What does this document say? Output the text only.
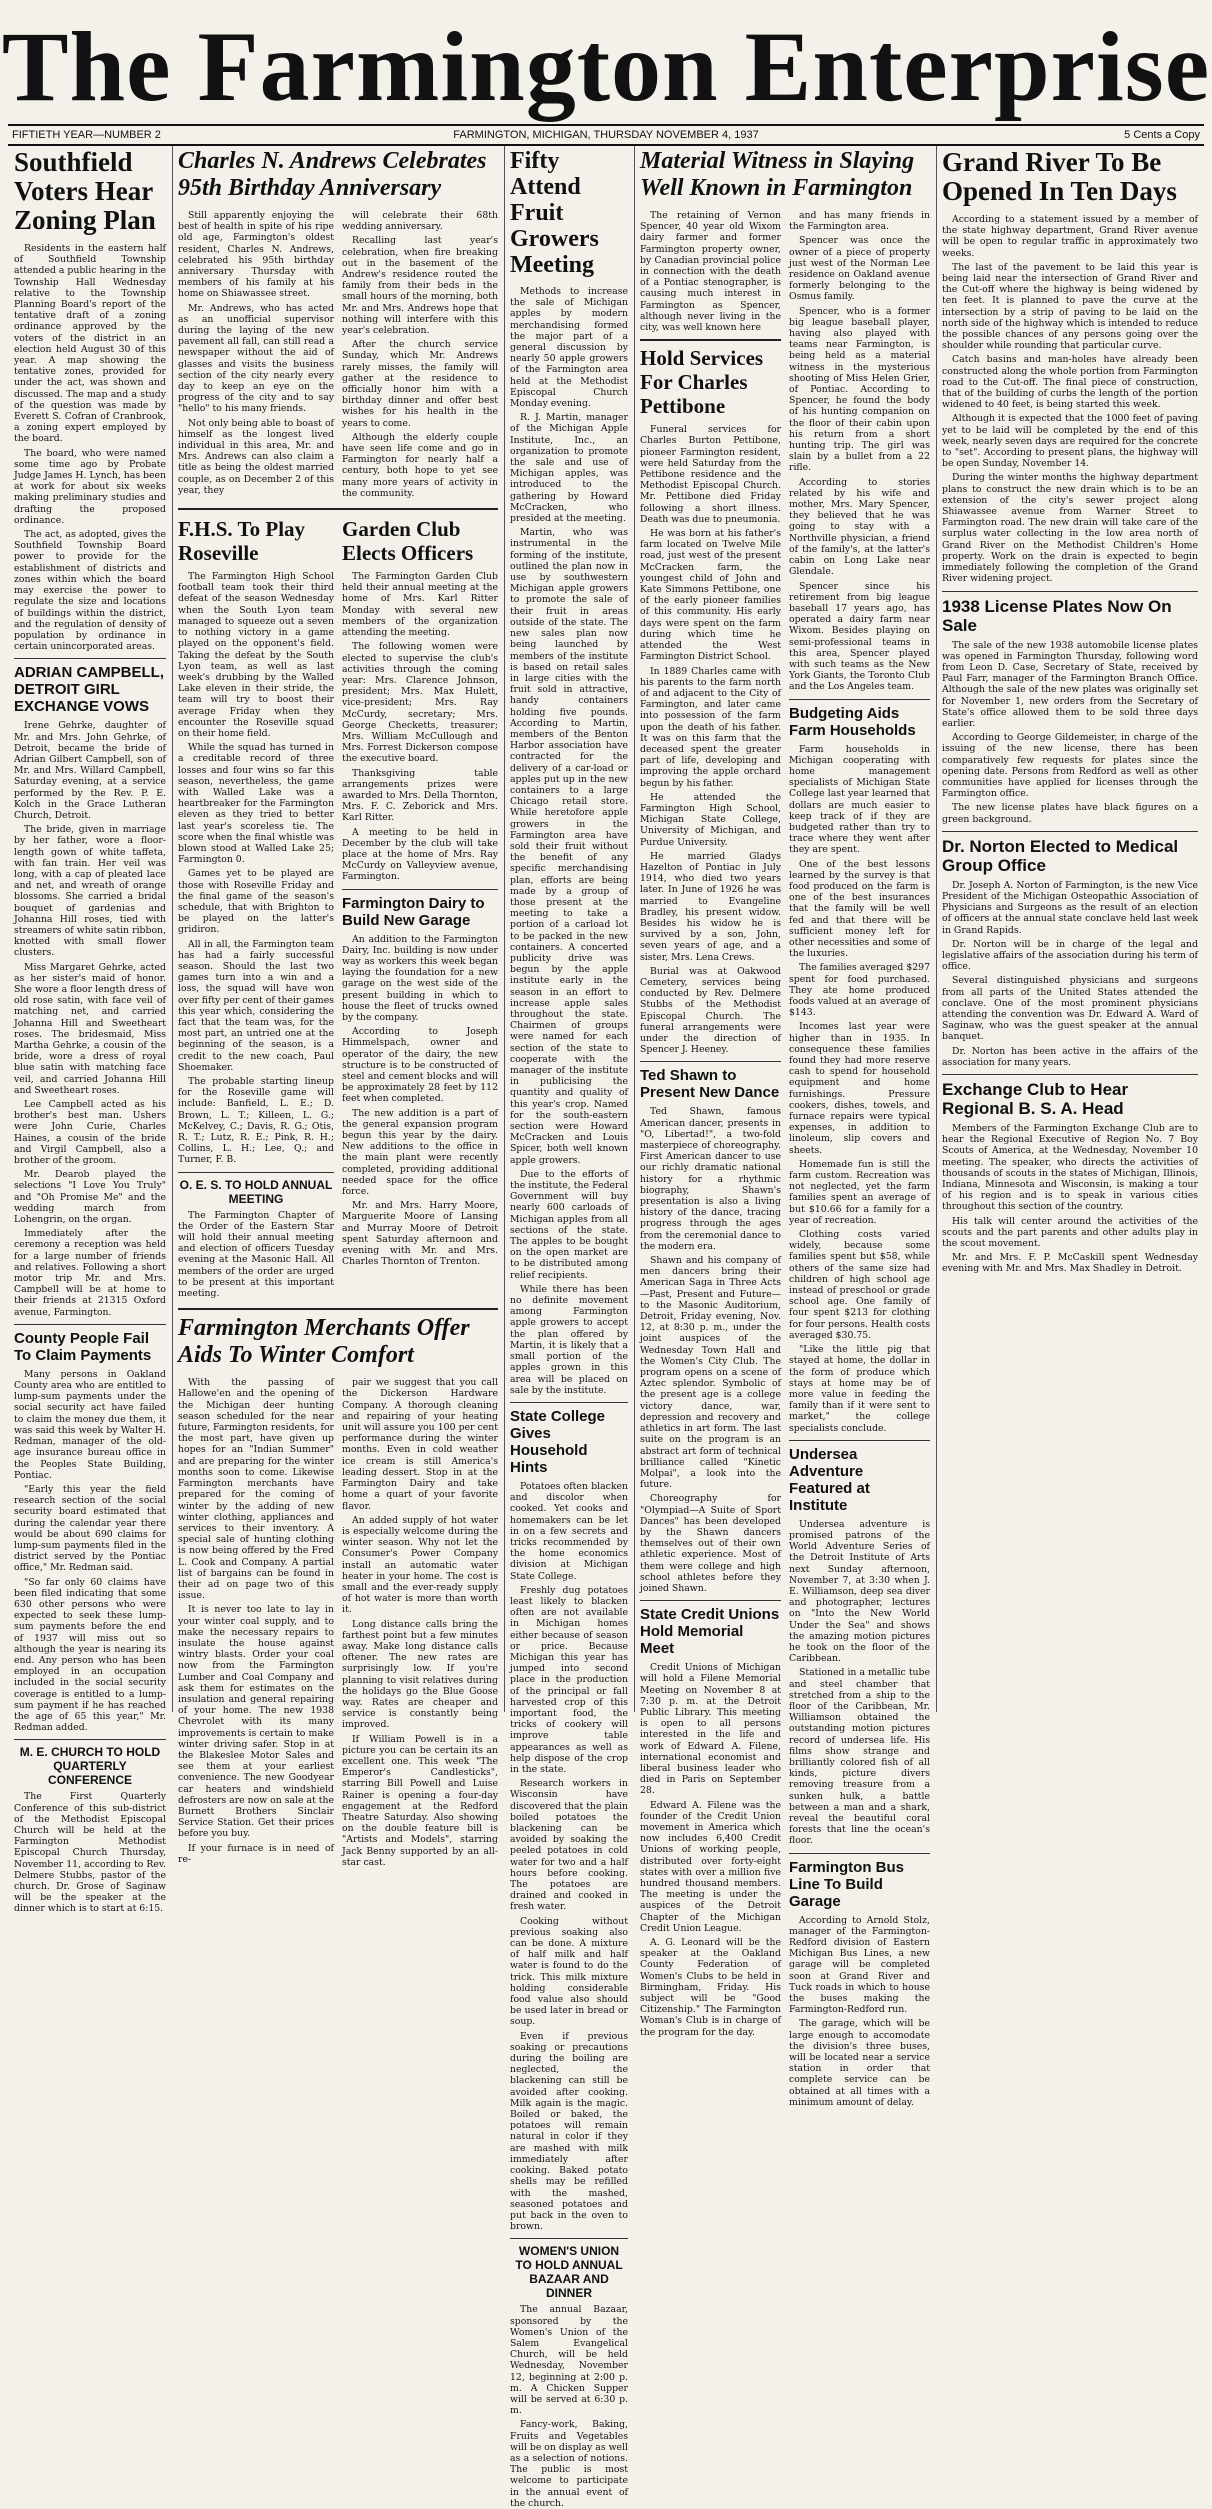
The Farmington Enterprise
FIFTIETH YEAR—NUMBER 2	FARMINGTON, MICHIGAN, THURSDAY NOVEMBER 4, 1937	5 Cents a Copy
Southfield Voters Hear Zoning Plan

Residents in the eastern half of Southfield Township attended a public hearing in the Township Hall Wednesday relative to the Township Planning Board's report of the tentative draft of a zoning ordinance approved by the voters of the district in an election held August 30 of this year. A map showing the tentative zones, provided for under the act, was shown and discussed. The map and a study of the question was made by Everett S. Cofran of Cranbrook, a zoning expert employed by the board.

The board, who were named some time ago by Probate Judge James H. Lynch, has been at work for about six weeks making preliminary studies and drafting the proposed ordinance.

The act, as adopted, gives the Southfield Township Board power to provide for the establishment of districts and zones within which the board may exercise the power to regulate the size and locations of buildings within the district, and the regulation of density of population by ordinance in certain unincorporated areas.

ADRIAN CAMPBELL, DETROIT GIRL EXCHANGE VOWS

Irene Gehrke, daughter of Mr. and Mrs. John Gehrke, of Detroit, became the bride of Adrian Gilbert Campbell, son of Mr. and Mrs. Willard Campbell, Saturday evening, at a service performed by the Rev. P. E. Kolch in the Grace Lutheran Church, Detroit.

The bride, given in marriage by her father, wore a floor-length gown of white taffeta, with fan train. Her veil was long, with a cap of pleated lace and net, and wreath of orange blossoms. She carried a bridal bouquet of gardenias and Johanna Hill roses, tied with streamers of white satin ribbon, knotted with small flower clusters.

Miss Margaret Gehrke, acted as her sister's maid of honor. She wore a floor length dress of old rose satin, with face veil of matching net, and carried Johanna Hill and Sweetheart roses. The bridesmaid, Miss Martha Gehrke, a cousin of the bride, wore a dress of royal blue satin with matching face veil, and carried Johanna Hill and Sweetheart roses.

Lee Campbell acted as his brother's best man. Ushers were John Curie, Charles Haines, a cousin of the bride and Virgil Campbell, also a brother of the groom.

Mr. Dearob played the selections "I Love You Truly" and "Oh Promise Me" and the wedding march from Lohengrin, on the organ.

Immediately after the ceremony a reception was held for a large number of friends and relatives. Following a short motor trip Mr. and Mrs. Campbell will be at home to their friends at 21315 Oxford avenue, Farmington.

County People Fail To Claim Payments

Many persons in Oakland County area who are entitled to lump-sum payments under the social security act have failed to claim the money due them, it was said this week by Walter H. Redman, manager of the old-age insurance bureau office in the Peoples State Building, Pontiac.

"Early this year the field research section of the social security board estimated that during the calendar year there would be about 690 claims for lump-sum payments filed in the district served by the Pontiac office," Mr. Redman said.

"So far only 60 claims have been filed indicating that some 630 other persons who were expected to seek these lump-sum payments before the end of 1937 will miss out so although the year is nearing its end. Any person who has been employed in an occupation included in the social security coverage is entitled to a lump-sum payment if he has reached the age of 65 this year," Mr. Redman added.

M. E. CHURCH TO HOLD QUARTERLY CONFERENCE

The First Quarterly Conference of this sub-district of the Methodist Episcopal Church will be held at the Farmington Methodist Episcopal Church Thursday, November 11, according to Rev. Delmere Stubbs, pastor of the church. Dr. Grose of Saginaw will be the speaker at the dinner which is to start at 6:15.

Charles N. Andrews Celebrates 95th Birthday Anniversary

Still apparently enjoying the best of health in spite of his ripe old age, Farmington's oldest resident, Charles N. Andrews, celebrated his 95th birthday anniversary Thursday with members of his family at his home on Shiawassee street.

Mr. Andrews, who has acted as an unofficial supervisor during the laying of the new pavement all fall, can still read a newspaper without the aid of glasses and visits the business section of the city nearly every day to keep an eye on the progress of the city and to say "hello" to his many friends.

Not only being able to boast of himself as the longest lived individual in this area, Mr. and Mrs. Andrews can also claim a title as being the oldest married couple, as on December 2 of this year, they

will celebrate their 68th wedding anniversary.

Recalling last year's celebration, when fire breaking out in the basement of the Andrew's residence routed the family from their beds in the small hours of the morning, both Mr. and Mrs. Andrews hope that nothing will interfere with this year's celebration.

After the church service Sunday, which Mr. Andrews rarely misses, the family will gather at the residence to officially honor him with a birthday dinner and offer best wishes for his health in the years to come.

Although the elderly couple have seen life come and go in Farmington for nearly half a century, both hope to yet see many more years of activity in the community.

F.H.S. To Play Roseville

The Farmington High School football team took their third defeat of the season Wednesday when the South Lyon team managed to squeeze out a seven to nothing victory in a game played on the opponent's field. Taking the defeat by the South Lyon team, as well as last week's drubbing by the Walled Lake eleven in their stride, the team will try to boost their average Friday when they encounter the Roseville squad on their home field.

While the squad has turned in a creditable record of three losses and four wins so far this season, nevertheless, the game with Walled Lake was a heartbreaker for the Farmington eleven as they tried to better last year's scoreless tie. The score when the final whistle was blown stood at Walled Lake 25; Farmington 0.

Games yet to be played are those with Roseville Friday and the final game of the season's schedule, that with Brighton to be played on the latter's gridiron.

All in all, the Farmington team has had a fairly successful season. Should the last two games turn into a win and a loss, the squad will have won over fifty per cent of their games this year which, considering the fact that the team was, for the most part, an untried one at the beginning of the season, is a credit to the new coach, Paul Shoemaker.

The probable starting lineup for the Roseville game will include: Banfield, L. E.; D. Brown, L. T.; Killeen, L. G.; McKelvey, C.; Davis, R. G.; Otis, R. T.; Lutz, R. E.; Pink, R. H.; Collins, L. H.; Lee, Q.; and Turner, F. B.

O. E. S. TO HOLD ANNUAL MEETING

The Farmington Chapter of the Order of the Eastern Star will hold their annual meeting and election of officers Tuesday evening at the Masonic Hall. All members of the order are urged to be present at this important meeting.

Garden Club Elects Officers

The Farmington Garden Club held their annual meeting at the home of Mrs. Karl Ritter Monday with several new members of the organization attending the meeting.

The following women were elected to supervise the club's activities through the coming year: Mrs. Clarence Johnson, president; Mrs. Max Hulett, vice-president; Mrs. Ray McCurdy, secretary; Mrs. George Checketts, treasurer; Mrs. William McCullough and Mrs. Forrest Dickerson compose the executive board.

Thanksgiving table arrangements prizes were awarded to Mrs. Della Thornton, Mrs. F. C. Zeborick and Mrs. Karl Ritter.

A meeting to be held in December by the club will take place at the home of Mrs. Ray McCurdy on Valleyview avenue, Farmington.

Farmington Dairy to Build New Garage

An addition to the Farmington Dairy, Inc. building is now under way as workers this week began laying the foundation for a new garage on the west side of the present building in which to house the fleet of trucks owned by the company.

According to Joseph Himmelspach, owner and operator of the dairy, the new structure is to be constructed of steel and cement blocks and will be approximately 28 feet by 112 feet when completed.

The new addition is a part of the general expansion program begun this year by the dairy. New additions to the office in the main plant were recently completed, providing additional needed space for the office force.

Mr. and Mrs. Harry Moore, Marguerite Moore of Lansing and Murray Moore of Detroit spent Saturday afternoon and evening with Mr. and Mrs. Charles Thornton of Trenton.

Farmington Merchants Offer Aids To Winter Comfort

With the passing of Hallowe'en and the opening of the Michigan deer hunting season scheduled for the near future, Farmington residents, for the most part, have given up hopes for an "Indian Summer" and are preparing for the winter months soon to come. Likewise Farmington merchants have prepared for the coming of winter by the adding of new winter clothing, appliances and services to their inventory. A special sale of hunting clothing is now being offered by the Fred L. Cook and Company. A partial list of bargains can be found in their ad on page two of this issue.

It is never too late to lay in your winter coal supply, and to make the necessary repairs to insulate the house against wintry blasts. Order your coal now from the Farmington Lumber and Coal Company and ask them for estimates on the insulation and general repairing of your home. The new 1938 Chevrolet with its many improvements is certain to make winter driving safer. Stop in at the Blakeslee Motor Sales and see them at your earliest convenience. The new Goodyear car heaters and windshield defrosters are now on sale at the Burnett Brothers Sinclair Service Station. Get their prices before you buy.

If your furnace is in need of re-

pair we suggest that you call the Dickerson Hardware Company. A thorough cleaning and repairing of your heating unit will assure you 100 per cent performance during the winter months. Even in cold weather ice cream is still America's leading dessert. Stop in at the Farmington Dairy and take home a quart of your favorite flavor.

An added supply of hot water is especially welcome during the winter season. Why not let the Consumer's Power Company install an automatic water heater in your home. The cost is small and the ever-ready supply of hot water is more than worth it.

Long distance calls bring the farthest point but a few minutes away. Make long distance calls oftener. The new rates are surprisingly low. If you're planning to visit relatives during the holidays go the Blue Goose way. Rates are cheaper and service is constantly being improved.

If William Powell is in a picture you can be certain its an excellent one. This week "The Emperor's Candlesticks", starring Bill Powell and Luise Rainer is opening a four-day engagement at the Redford Theatre Saturday. Also showing on the double feature bill is "Artists and Models", starring Jack Benny supported by an all-star cast.

Fifty Attend Fruit Growers Meeting

Methods to increase the sale of Michigan apples by modern merchandising formed the major part of a general discussion by nearly 50 apple growers of the Farmington area held at the Methodist Episcopal Church Monday evening.

R. J. Martin, manager of the Michigan Apple Institute, Inc., an organization to promote the sale and use of Michigan apples, was introduced to the gathering by Howard McCracken, who presided at the meeting.

Martin, who was instrumental in the forming of the institute, outlined the plan now in use by southwestern Michigan apple growers to promote the sale of their fruit in areas outside of the state. The new sales plan now being launched by members of the institute is based on retail sales in large cities with the fruit sold in attractive, handy containers holding five pounds. According to Martin, members of the Benton Harbor association have contracted for the delivery of a car-load or apples put up in the new containers to a large Chicago retail store. While heretofore apple growers in the Farmington area have sold their fruit without the benefit of any specific merchandising plan, efforts are being made by a group of those present at the meeting to take a portion of a carload lot to be packed in the new containers. A concerted publicity drive was begun by the apple institute early in the season in an effort to increase apple sales throughout the state. Chairmen of groups were named for each section of the state to cooperate with the manager of the institute in publicising the quantity and quality of this year's crop. Named for the south-eastern section were Howard McCracken and Louis Spicer, both well known apple growers.

Due to the efforts of the institute, the Federal Government will buy nearly 600 carloads of Michigan apples from all sections of the state. The apples to be bought on the open market are to be distributed among relief recipients.

While there has been no definite movement among Farmington apple growers to accept the plan offered by Martin, it is likely that a small portion of the apples grown in this area will be placed on sale by the institute.

State College Gives Household Hints

Potatoes often blacken and discolor when cooked. Yet cooks and homemakers can be let in on a few secrets and tricks recommended by the home economics division at Michigan State College.

Freshly dug potatoes least likely to blacken often are not available in Michigan homes either because of season or price. Because Michigan this year has jumped into second place in the production of the principal or fall harvested crop of this important food, the tricks of cookery will improve table appearances as well as help dispose of the crop in the state.

Research workers in Wisconsin have discovered that the plain boiled potatoes the blackening can be avoided by soaking the peeled potatoes in cold water for two and a half hours before cooking. The potatoes are drained and cooked in fresh water.

Cooking without previous soaking also can be done. A mixture of half milk and half water is found to do the trick. This milk mixture holding considerable food value also should be used later in bread or soup.

Even if previous soaking or precautions during the boiling are neglected, the blackening can still be avoided after cooking. Milk again is the magic. Boiled or baked, the potatoes will remain natural in color if they are mashed with milk immediately after cooking. Baked potato shells may be refilled with the mashed, seasoned potatoes and put back in the oven to brown.

WOMEN'S UNION TO HOLD ANNUAL BAZAAR AND DINNER

The annual Bazaar, sponsored by the Women's Union of the Salem Evangelical Church, will be held Wednesday, November 12, beginning at 2:00 p. m. A Chicken Supper will be served at 6:30 p. m.

Fancy-work, Baking, Fruits and Vegetables will be on display as well as a selection of notions. The public is most welcome to participate in the annual event of the church.

Material Witness in Slaying Well Known in Farmington

The retaining of Vernon Spencer, 40 year old Wixom dairy farmer and former Farmington property owner, by Canadian provincial police in connection with the death of a Pontiac stenographer, is causing much interest in Farmington as Spencer, although never living in the city, was well known here

Hold Services For Charles Pettibone

Funeral services for Charles Burton Pettibone, pioneer Farmington resident, were held Saturday from the Pettibone residence and the Methodist Episcopal Church. Mr. Pettibone died Friday following a short illness. Death was due to pneumonia.

He was born at his father's farm located on Twelve Mile road, just west of the present McCracken farm, the youngest child of John and Kate Simmons Pettibone, one of the early pioneer families of this community. His early days were spent on the farm during which time he attended the West Farmington District School.

In 1889 Charles came with his parents to the farm north of and adjacent to the City of Farmington, and later came into possession of the farm upon the death of his father. It was on this farm that the deceased spent the greater part of life, developing and improving the apple orchard begun by his father.

He attended the Farmington High School, Michigan State College, University of Michigan, and Purdue University.

He married Gladys Hazelton of Pontiac in July 1914, who died two years later. In June of 1926 he was married to Evangeline Bradley, his present widow. Besides his widow he is survived by a son, John, seven years of age, and a sister, Mrs. Lena Crews.

Burial was at Oakwood Cemetery, services being conducted by Rev. Delmere Stubbs of the Methodist Episcopal Church. The funeral arrangements were under the direction of Spencer J. Heeney.

Ted Shawn to Present New Dance

Ted Shawn, famous American dancer, presents in "O, Libertad!", a two-fold masterpiece of choreography. First American dancer to use our richly dramatic national history for a rhythmic biography, Shawn's presentation is also a living history of the dance, tracing progress through the ages from the ceremonial dance to the modern era.

Shawn and his company of men dancers bring their American Saga in Three Acts—Past, Present and Future—to the Masonic Auditorium, Detroit, Friday evening, Nov. 12, at 8:30 p. m., under the joint auspices of the Wednesday Town Hall and the Women's City Club. The program opens on a scene of Aztec splendor. Symbolic of the present age is a college victory dance, war, depression and recovery and athletics in art form. The last suite on the program is an abstract art form of technical brilliance called "Kinetic Molpai", a look into the future.

Choreography for "Olympiad—A Suite of Sport Dances" has been developed by the Shawn dancers themselves out of their own athletic experience. Most of them were college and high school athletes before they joined Shawn.

State Credit Unions Hold Memorial Meet

Credit Unions of Michigan will hold a Filene Memorial Meeting on November 8 at 7:30 p. m. at the Detroit Public Library. This meeting is open to all persons interested in the life and work of Edward A. Filene, international economist and liberal business leader who died in Paris on September 28.

Edward A. Filene was the founder of the Credit Union movement in America which now includes 6,400 Credit Unions of working people, distributed over forty-eight states with over a million five hundred thousand members. The meeting is under the auspices of the Detroit Chapter of the Michigan Credit Union League.

A. G. Leonard will be the speaker at the Oakland County Federation of Women's Clubs to be held in Birmingham, Friday. His subject will be "Good Citizenship." The Farmington Woman's Club is in charge of the program for the day.

and has many friends in the Farmington area.

Spencer was once the owner of a piece of property just west of the Norman Lee residence on Oakland avenue formerly belonging to the Osmus family.

Spencer, who is a former big league baseball player, having also played with teams near Farmington, is being held as a material witness in the mysterious shooting of Miss Helen Grier, of Pontiac. According to Spencer, he found the body of his hunting companion on the floor of their cabin upon his return from a short hunting trip. The girl was slain by a bullet from a 22 rifle.

According to stories related by his wife and mother, Mrs. Mary Spencer, they believed that he was going to stay with a Northville physician, a friend of the family's, at the latter's cabin on Long Lake near Glendale.

Spencer since his retirement from big league baseball 17 years ago, has operated a dairy farm near Wixom. Besides playing on semi-professional teams in this area, Spencer played with such teams as the New York Giants, the Toronto Club and the Los Angeles team.

Budgeting Aids Farm Households

Farm households in Michigan cooperating with home management specialists of Michigan State College last year learned that dollars are much easier to keep track of if they are budgeted rather than try to trace where they went after they are spent.

One of the best lessons learned by the survey is that food produced on the farm is one of the best insurances that the family will be well fed and that there will be sufficient money left for other necessities and some of the luxuries.

The families averaged $297 spent for food purchased. They ate home produced foods valued at an average of $143.

Incomes last year were higher than in 1935. In consequence these families found they had more reserve cash to spend for household equipment and home furnishings. Pressure cookers, dishes, towels, and furnace repairs were typical expenses, in addition to linoleum, slip covers and sheets.

Homemade fun is still the farm custom. Recreation was not neglected, yet the farm families spent an average of but $10.66 for a family for a year of recreation.

Clothing costs varied widely, because some families spent but $58, while others of the same size had children of high school age instead of preschool or grade school age. One family of four spent $213 for clothing for four persons. Health costs averaged $30.75.

"Like the little pig that stayed at home, the dollar in the form of produce which stays at home may be of more value in feeding the family than if it were sent to market," the college specialists conclude.

Undersea Adventure Featured at Institute

Undersea adventure is promised patrons of the World Adventure Series of the Detroit Institute of Arts next Sunday afternoon, November 7, at 3:30 when J. E. Williamson, deep sea diver and photographer, lectures on "Into the New World Under the Sea" and shows the amazing motion pictures he took on the floor of the Caribbean.

Stationed in a metallic tube and steel chamber that stretched from a ship to the floor of the Caribbean, Mr. Williamson obtained the outstanding motion pictures record of undersea life. His films show strange and brilliantly colored fish of all kinds, picture divers removing treasure from a sunken hulk, a battle between a man and a shark, reveal the beautiful coral forests that line the ocean's floor.

Farmington Bus Line To Build Garage

According to Arnold Stolz, manager of the Farmington-Redford division of Eastern Michigan Bus Lines, a new garage will be completed soon at Grand River and Tuck roads in which to house the buses making the Farmington-Redford run.

The garage, which will be large enough to accomodate the division's three buses, will be located near a service station in order that complete service can be obtained at all times with a minimum amount of delay.

Grand River To Be Opened In Ten Days

According to a statement issued by a member of the state highway department, Grand River avenue will be open to regular traffic in approximately two weeks.

The last of the pavement to be laid this year is being laid near the intersection of Grand River and the Cut-off where the highway is being widened by ten feet. It is planned to pave the curve at the intersection by a strip of paving to be laid on the north side of the highway which is intended to reduce the possible chances of any persons going over the shoulder while rounding that particular curve.

Catch basins and man-holes have already been constructed along the whole portion from Farmington road to the Cut-off. The final piece of construction, that of the building of curbs the length of the portion widened to 40 feet, is being started this week.

Although it is expected that the 1000 feet of paving yet to be laid will be completed by the end of this week, nearly seven days are required for the concrete to "set". According to present plans, the highway will be open Sunday, November 14.

During the winter months the highway department plans to construct the new drain which is to be an extension of the city's sewer project along Shiawassee avenue from Warner Street to Farmington road. The new drain will take care of the surplus water collecting in the low area north of Grand River on the Methodist Children's Home property. Work on the drain is expected to begin immediately following the completion of the Grand River widening project.

1938 License Plates Now On Sale

The sale of the new 1938 automobile license plates was opened in Farmington Thursday, following word from Leon D. Case, Secretary of State, received by Paul Farr, manager of the Farmington Branch Office. Although the sale of the new plates was originally set for November 1, new orders from the Secretary of State's office allowed them to be sold three days earlier.

According to George Gildemeister, in charge of the issuing of the new license, there has been comparatively few requests for plates since the opening date. Persons from Redford as well as other communities have applied for licenses through the Farmington office.

The new license plates have black figures on a green background.

Dr. Norton Elected to Medical Group Office

Dr. Joseph A. Norton of Farmington, is the new Vice President of the Michigan Osteopathic Association of Physicians and Surgeons as the result of an election of officers at the annual state conclave held last week in Grand Rapids.

Dr. Norton will be in charge of the legal and legislative affairs of the association during his term of office.

Several distinguished physicians and surgeons from all parts of the United States attended the conclave. One of the most prominent physicians attending the convention was Dr. Edward A. Ward of Saginaw, who was the guest speaker at the annual banquet.

Dr. Norton has been active in the affairs of the association for many years.

Exchange Club to Hear Regional B. S. A. Head

Members of the Farmington Exchange Club are to hear the Regional Executive of Region No. 7 Boy Scouts of America, at the Wednesday, November 10 meeting. The speaker, who directs the activities of thousands of scouts in the states of Michigan, Illinois, Indiana, Minnesota and Wisconsin, is making a tour of his region and is to speak in various cities throughout this section of the country.

His talk will center around the activities of the scouts and the part parents and other adults play in the scout movement.

Mr. and Mrs. F. P. McCaskill spent Wednesday evening with Mr. and Mrs. Max Shadley in Detroit.
